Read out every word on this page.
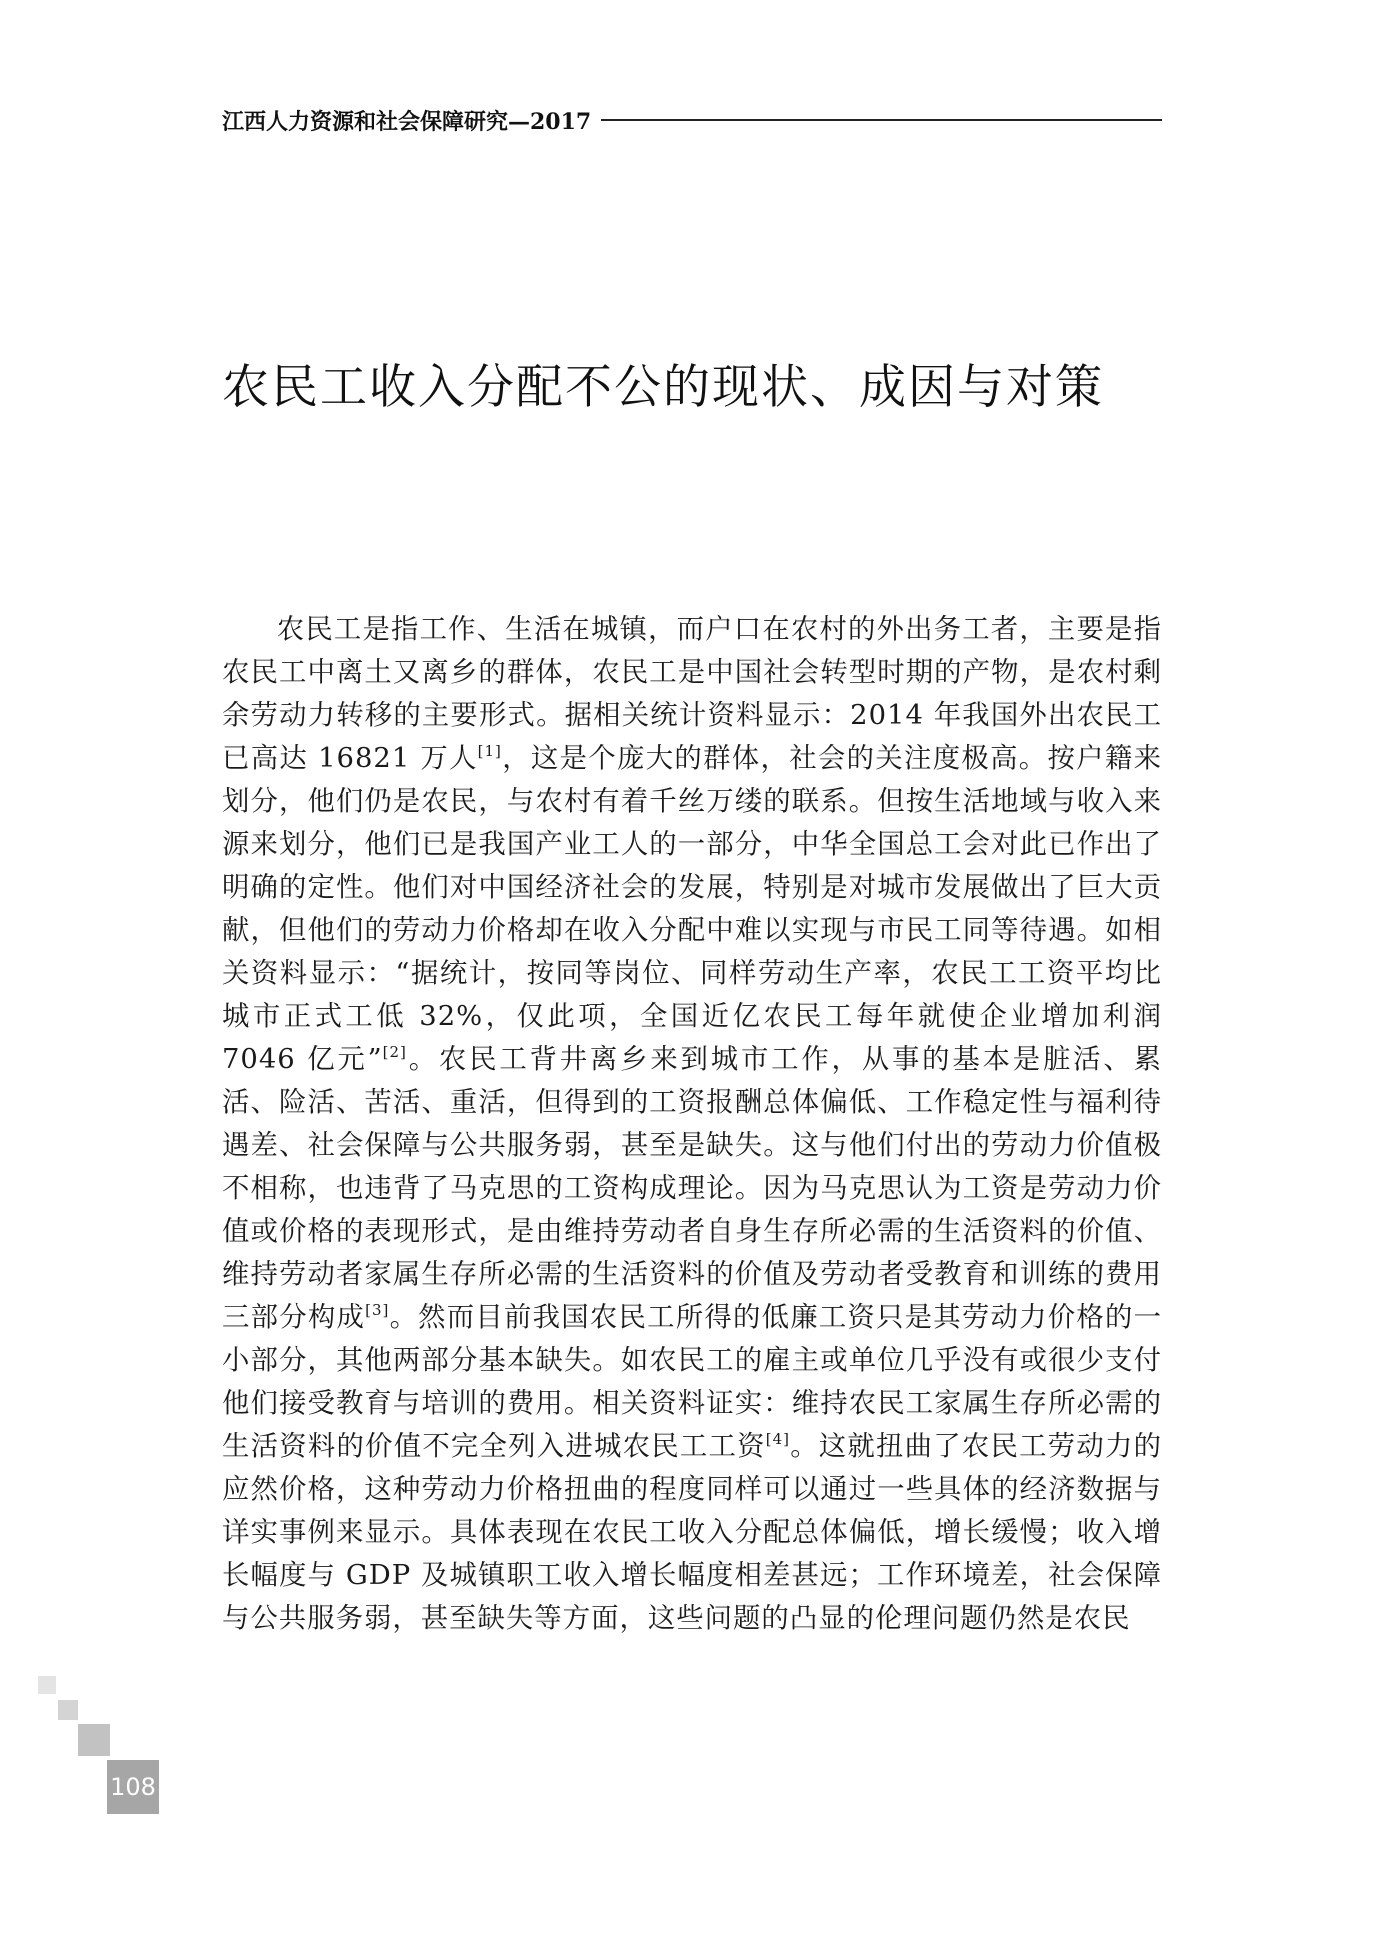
江西人力资源和社会保障研究—2017
农民工收入分配不公的现状、成因与对策

农民工是指工作、生活在城镇，而户口在农村的外出务工者，主要是指农民工中离土又离乡的群体，农民工是中国社会转型时期的产物，是农村剩余劳动力转移的主要形式。据相关统计资料显示：2014 年我国外出农民工已高达 16821 万人[1]，这是个庞大的群体，社会的关注度极高。按户籍来划分，他们仍是农民，与农村有着千丝万缕的联系。但按生活地域与收入来源来划分，他们已是我国产业工人的一部分，中华全国总工会对此已作出了明确的定性。他们对中国经济社会的发展，特别是对城市发展做出了巨大贡献，但他们的劳动力价格却在收入分配中难以实现与市民工同等待遇。如相关资料显示：“据统计，按同等岗位、同样劳动生产率，农民工工资平均比城市正式工低 32%，仅此项，全国近亿农民工每年就使企业增加利润 7046 亿元”[2]。农民工背井离乡来到城市工作，从事的基本是脏活、累活、险活、苦活、重活，但得到的工资报酬总体偏低、工作稳定性与福利待遇差、社会保障与公共服务弱，甚至是缺失。这与他们付出的劳动力价值极不相称，也违背了马克思的工资构成理论。因为马克思认为工资是劳动力价值或价格的表现形式，是由维持劳动者自身生存所必需的生活资料的价值、维持劳动者家属生存所必需的生活资料的价值及劳动者受教育和训练的费用三部分构成[3]。然而目前我国农民工所得的低廉工资只是其劳动力价格的一小部分，其他两部分基本缺失。如农民工的雇主或单位几乎没有或很少支付他们接受教育与培训的费用。相关资料证实：维持农民工家属生存所必需的生活资料的价值不完全列入进城农民工工资[4]。这就扭曲了农民工劳动力的应然价格，这种劳动力价格扭曲的程度同样可以通过一些具体的经济数据与详实事例来显示。具体表现在农民工收入分配总体偏低，增长缓慢；收入增长幅度与 GDP 及城镇职工收入增长幅度相差甚远；工作环境差，社会保障与公共服务弱，甚至缺失等方面，这些问题的凸显的伦理问题仍然是农民

108
